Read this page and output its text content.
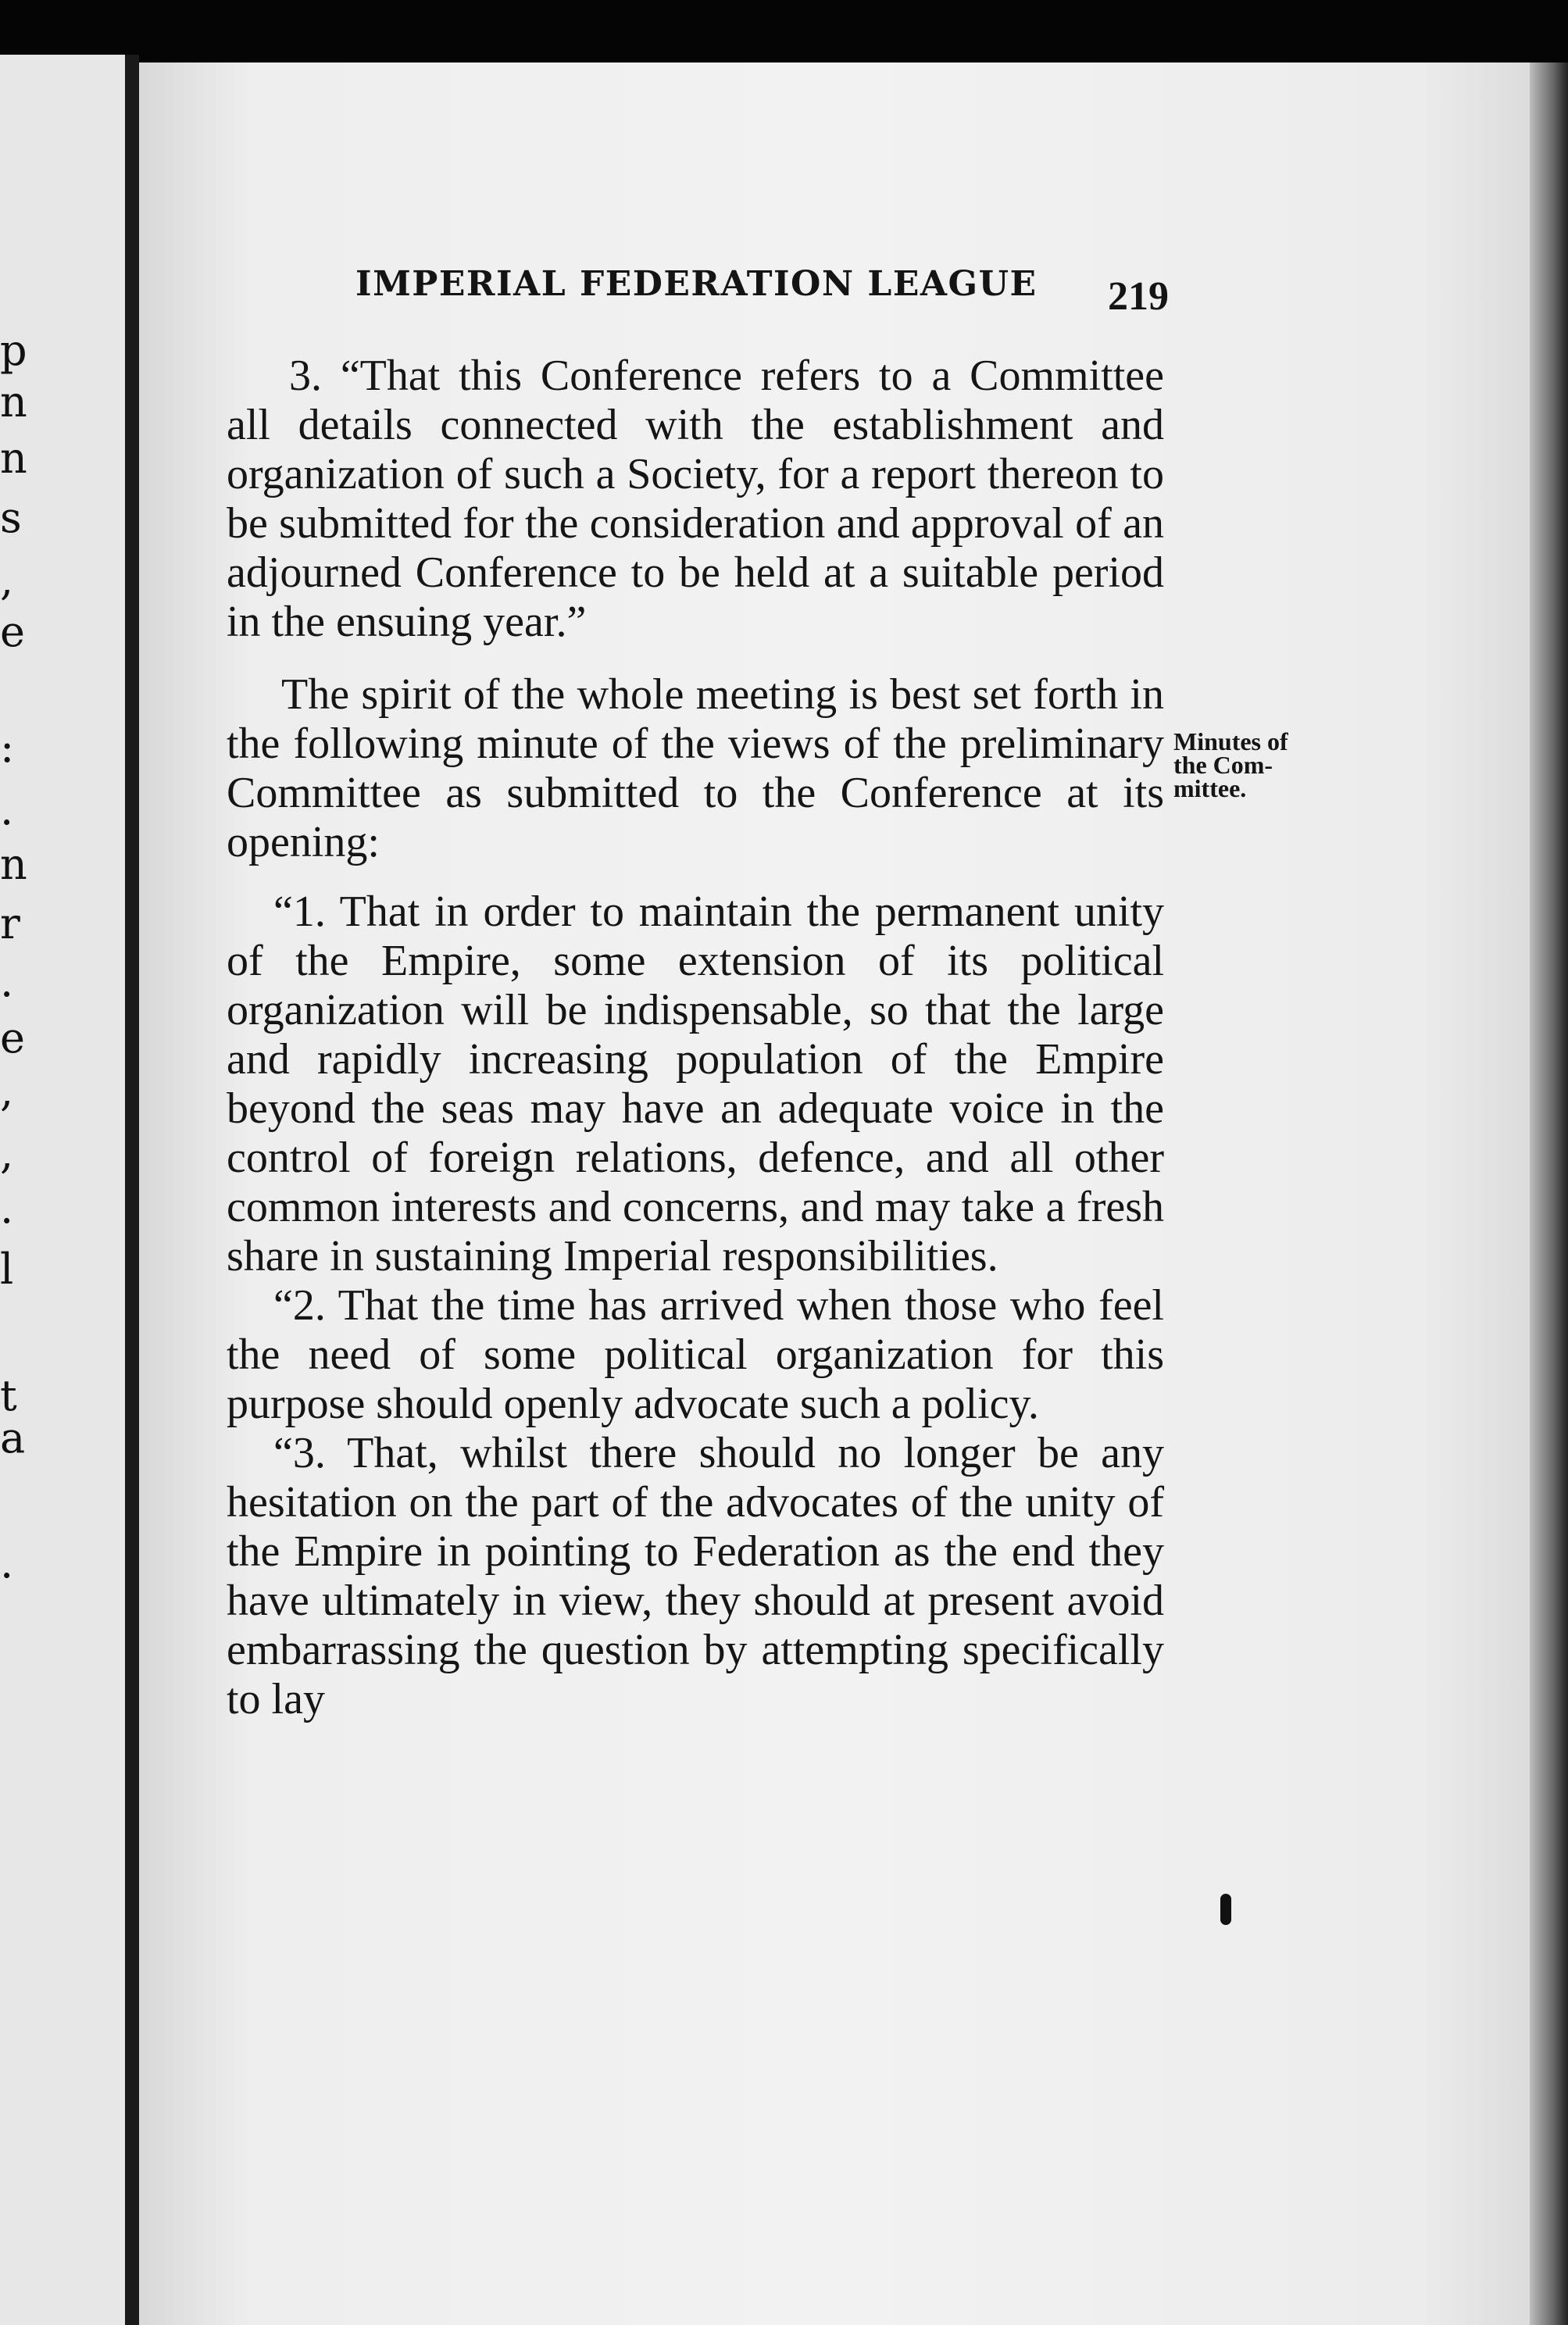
p
n
n
s
,
e
:
.
n
r
.
e
,
,
.
l
t
a
.
IMPERIAL FEDERATION LEAGUE	219

3. “That this Conference refers to a Committee all details connected with the establishment and organization of such a Society, for a report thereon to be submitted for the consideration and approval of an adjourned Conference to be held at a suitable period in the ensuing year.”

The spirit of the whole meeting is best set forth in the following minute of the views of the preliminary Committee as submitted to the Conference at its opening:

“1. That in order to maintain the permanent unity of the Empire, some extension of its political organization will be indispensable, so that the large and rapidly increasing population of the Empire beyond the seas may have an adequate voice in the control of foreign relations, defence, and all other common interests and concerns, and may take a fresh share in sustaining Imperial responsibilities.

“2. That the time has arrived when those who feel the need of some political organization for this purpose should openly advocate such a policy.

“3. That, whilst there should no longer be any hesitation on the part of the advocates of the unity of the Empire in pointing to Federation as the end they have ultimately in view, they should at present avoid embarrassing the question by attempting specifically to lay

Minutes of the Com-mittee.
